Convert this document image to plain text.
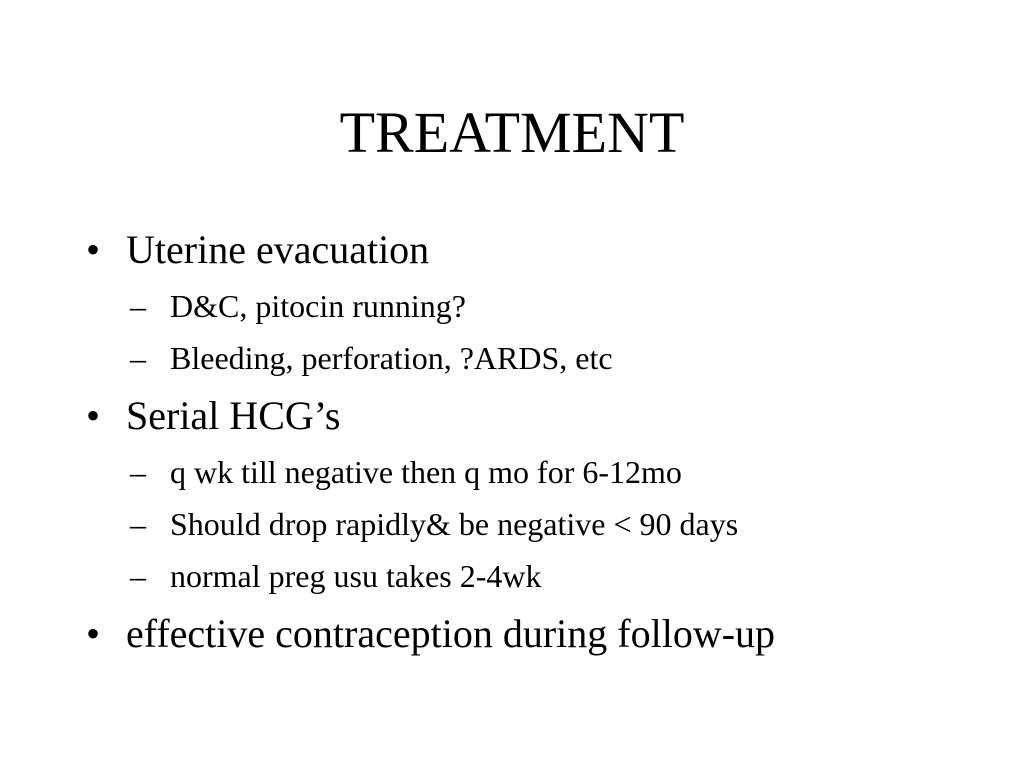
TREATMENT
• Uterine evacuation
– D&C, pitocin running?
– Bleeding, perforation, ?ARDS, etc
• Serial HCG’s
– q wk till negative then q mo for 6-12mo
– Should drop rapidly& be negative < 90 days
– normal preg usu takes 2-4wk
• effective contraception during follow-up
